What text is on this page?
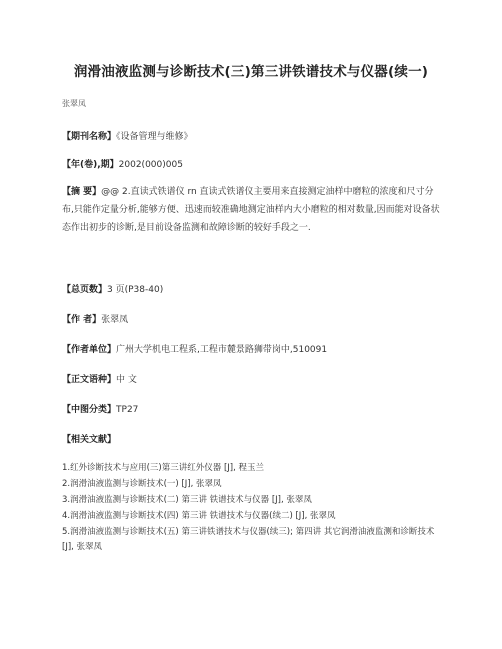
润滑油液监测与诊断技术(三)第三讲铁谱技术与仪器(续一)
张翠凤
【期刊名称】《设备管理与维修》
【年(卷),期】2002(000)005
【摘 要】@@ 2.直读式铁谱仪 rn 直读式铁谱仪主要用来直接测定油样中磨粒的浓度和尺寸分布,只能作定量分析,能够方便、迅速而较准确地测定油样内大小磨粒的相对数量,因而能对设备状态作出初步的诊断,是目前设备监测和故障诊断的较好手段之一.
【总页数】3 页(P38-40)
【作 者】张翠凤
【作者单位】广州大学机电工程系,工程市麓景路狮带岗中,510091
【正文语种】中 文
【中图分类】TP27
【相关文献】
1.红外诊断技术与应用(三)第三讲红外仪器 [J], 程玉兰
2.润滑油液监测与诊断技术(一) [J], 张翠凤
3.润滑油液监测与诊断技术(二) 第三讲 铁谱技术与仪器 [J], 张翠凤
4.润滑油液监测与诊断技术(四) 第三讲 铁谱技术与仪器(续二) [J], 张翠凤
5.润滑油液监测与诊断技术(五) 第三讲铁谱技术与仪器(续三); 第四讲 其它润滑油液监测和诊断技术 [J], 张翠凤
